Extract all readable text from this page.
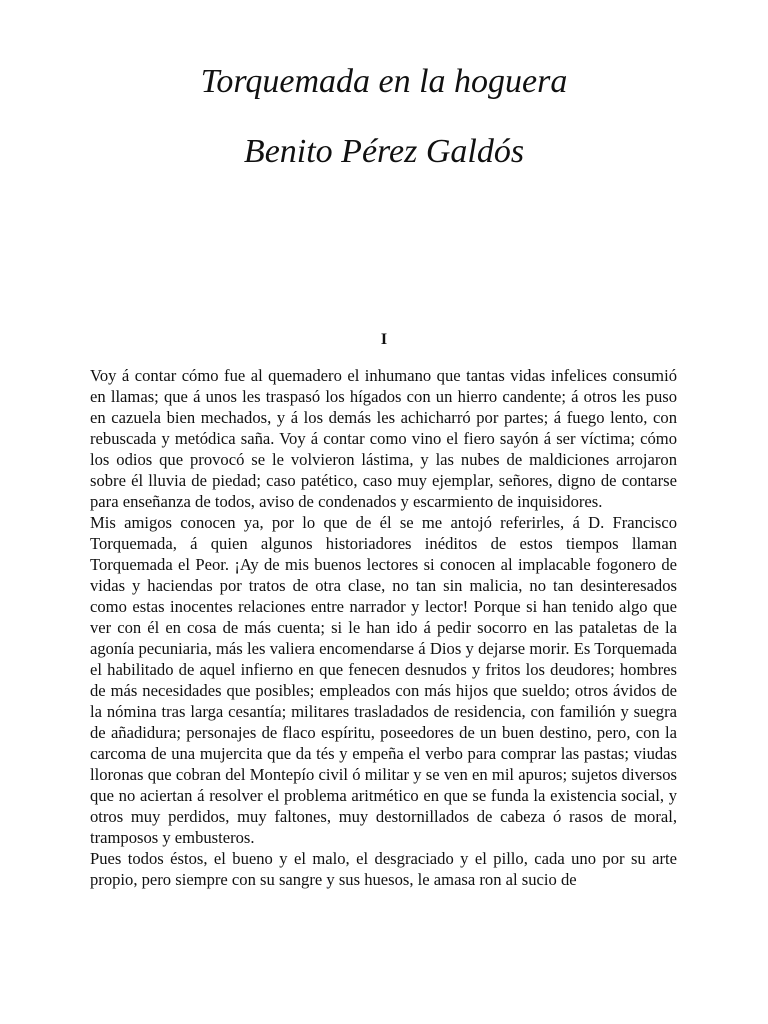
Torquemada en la hoguera
Benito Pérez Galdós
I

Voy á contar cómo fue al quemadero el inhumano que tantas vidas infelices consumió en llamas; que á unos les traspasó los hígados con un hierro candente; á otros les puso en cazuela bien mechados, y á los demás les achicharró por partes; á fuego lento, con rebuscada y metódica saña. Voy á contar como vino el fiero sayón á ser víctima; cómo los odios que provocó se le volvieron lástima, y las nubes de maldiciones arrojaron sobre él lluvia de piedad; caso patético, caso muy ejemplar, señores, digno de contarse para enseñanza de todos, aviso de condenados y escarmiento de inquisidores.

Mis amigos conocen ya, por lo que de él se me antojó referirles, á D. Francisco Torquemada, á quien algunos historiadores inéditos de estos tiempos llaman Torquemada el Peor. ¡Ay de mis buenos lectores si conocen al implacable fogonero de vidas y haciendas por tratos de otra clase, no tan sin malicia, no tan desinteresados como estas inocentes relaciones entre narrador y lector! Porque si han tenido algo que ver con él en cosa de más cuenta; si le han ido á pedir socorro en las pataletas de la agonía pecuniaria, más les valiera encomendarse á Dios y dejarse morir. Es Torquemada el habilitado de aquel infierno en que fenecen desnudos y fritos los deudores; hombres de más necesidades que posibles; empleados con más hijos que sueldo; otros ávidos de la nómina tras larga cesantía; militares trasladados de residencia, con familión y suegra de añadidura; personajes de flaco espíritu, poseedores de un buen destino, pero, con la carcoma de una mujercita que da tés y empeña el verbo para comprar las pastas; viudas lloronas que cobran del Montepío civil ó militar y se ven en mil apuros; sujetos diversos que no aciertan á resolver el problema aritmético en que se funda la existencia social, y otros muy perdidos, muy faltones, muy destornillados de cabeza ó rasos de moral, tramposos y embusteros.

Pues todos éstos, el bueno y el malo, el desgraciado y el pillo, cada uno por su arte propio, pero siempre con su sangre y sus huesos, le amasa ron al sucio de
